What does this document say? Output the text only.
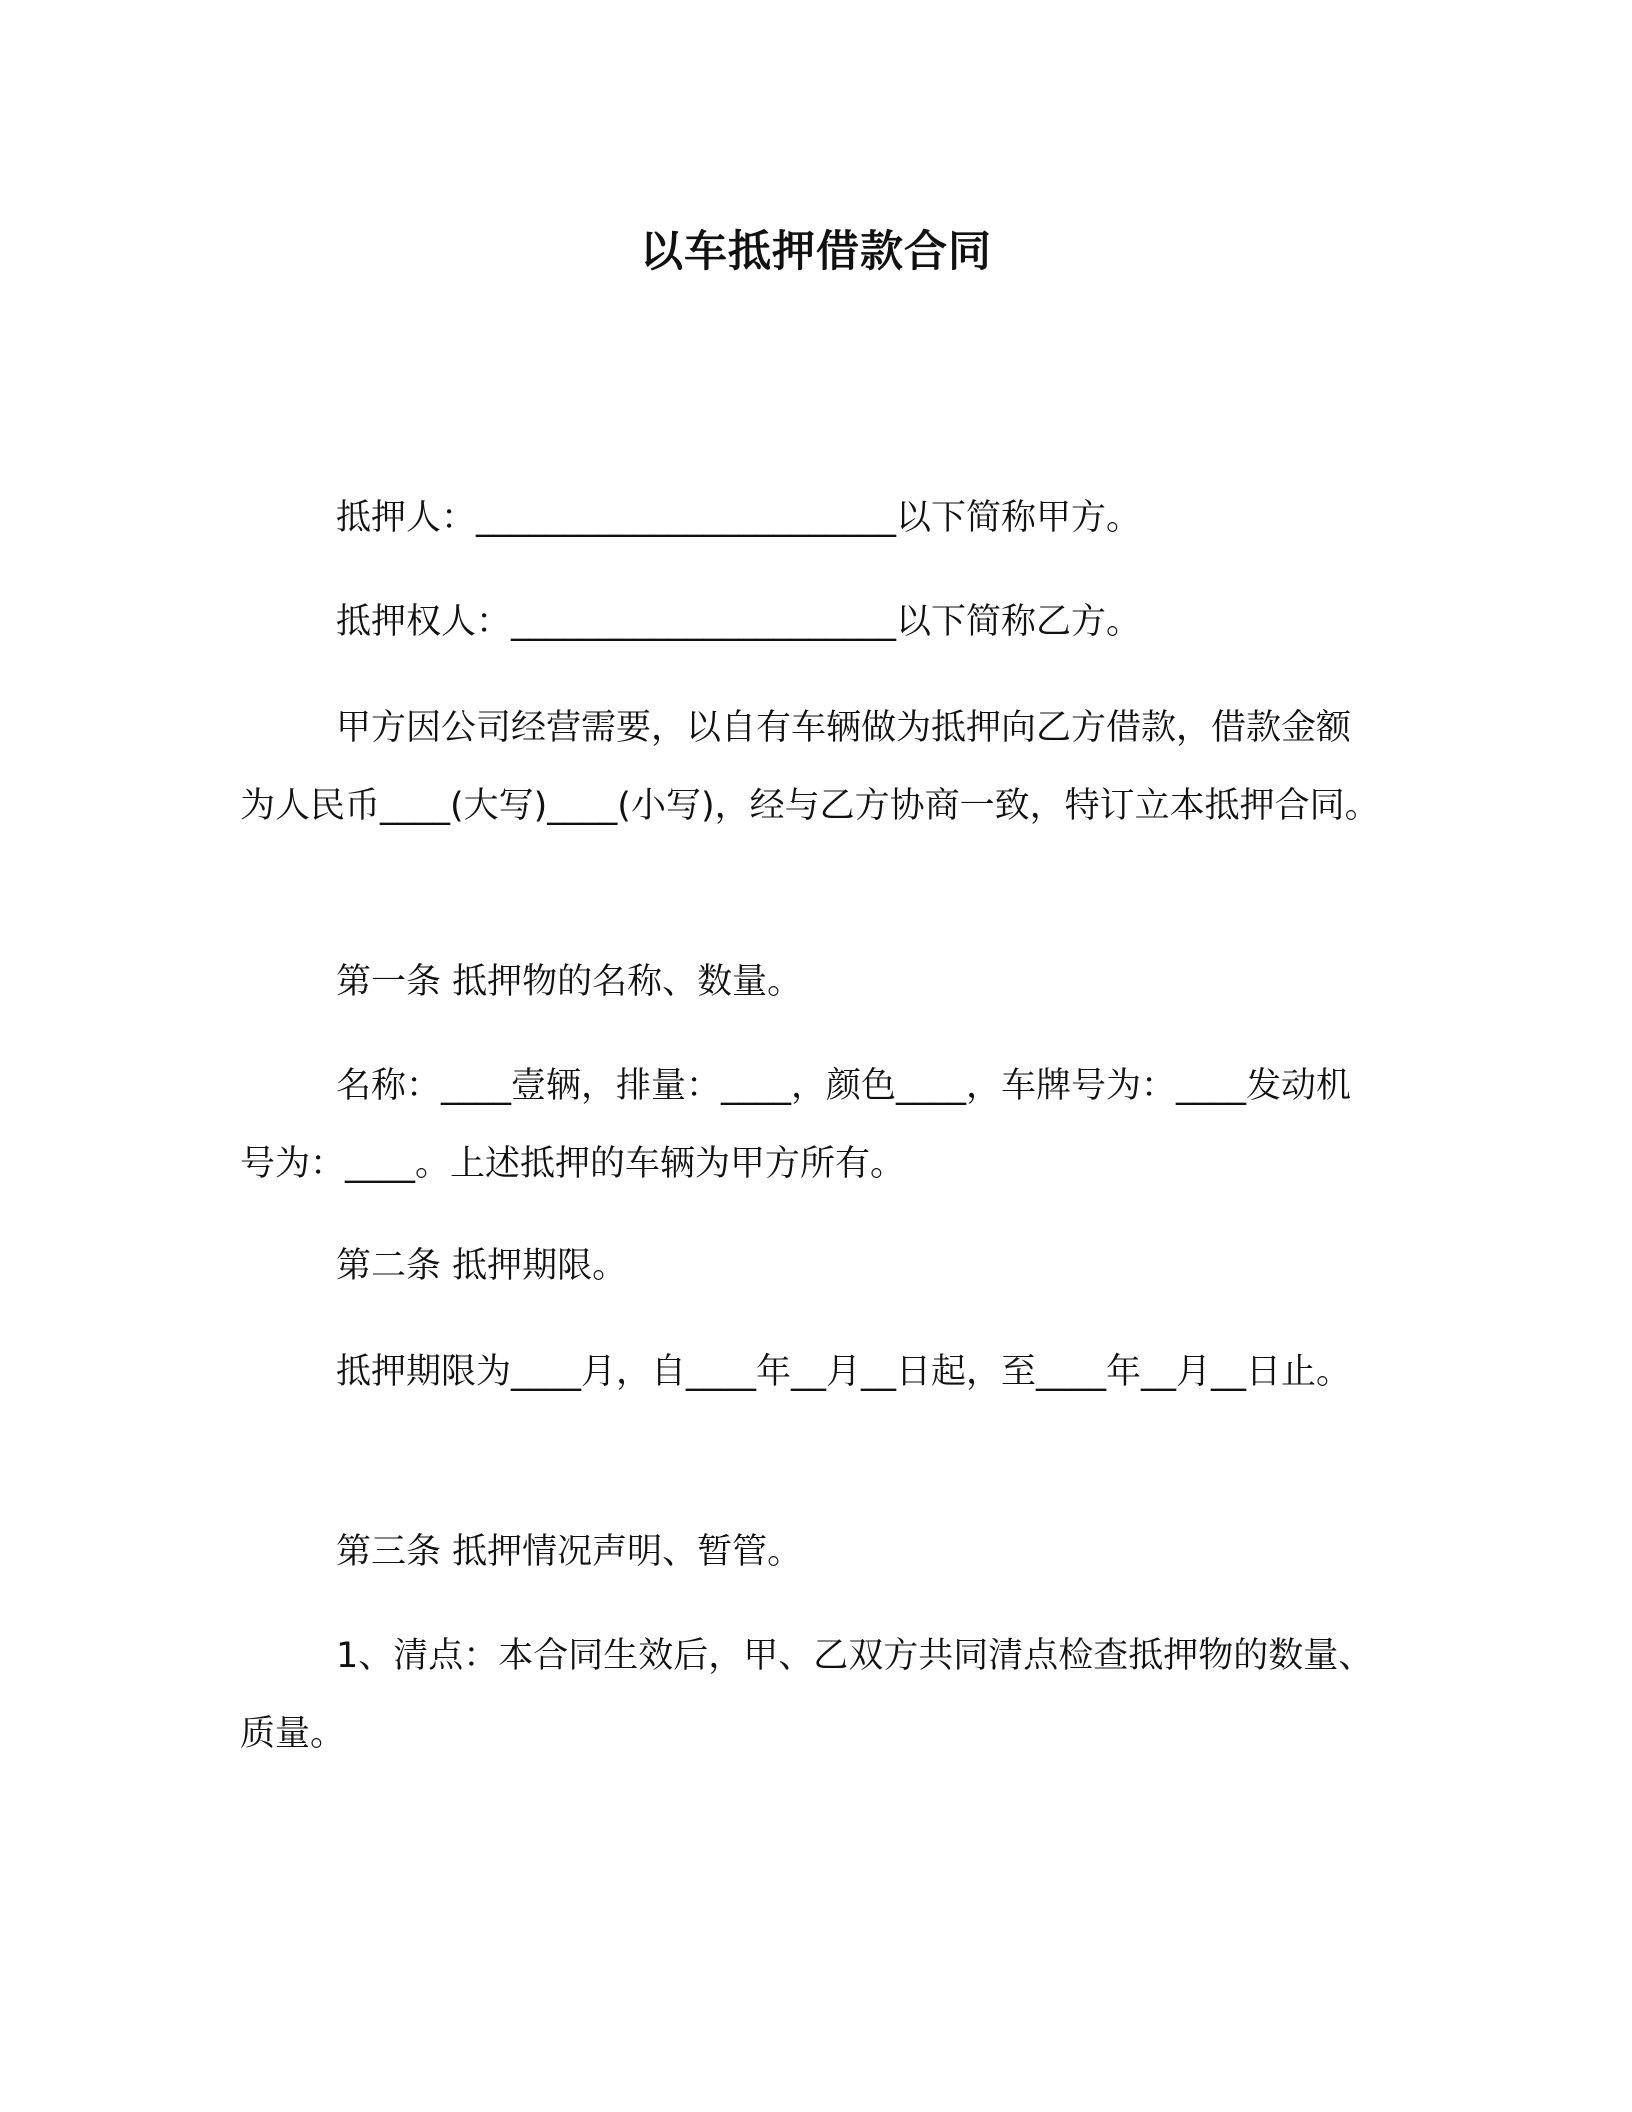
以车抵押借款合同

抵押人：________________________以下简称甲方。

抵押权人：______________________以下简称乙方。

甲方因公司经营需要，以自有车辆做为抵押向乙方借款，借款金额为人民币____(大写)____(小写)，经与乙方协商一致，特订立本抵押合同。

第一条 抵押物的名称、数量。

名称：____壹辆，排量：____，颜色____，车牌号为：____发动机号为：____。上述抵押的车辆为甲方所有。

第二条 抵押期限。

抵押期限为____月，自____年__月__日起，至____年__月__日止。

第三条 抵押情况声明、暂管。

1、清点：本合同生效后，甲、乙双方共同清点检查抵押物的数量、质量。
